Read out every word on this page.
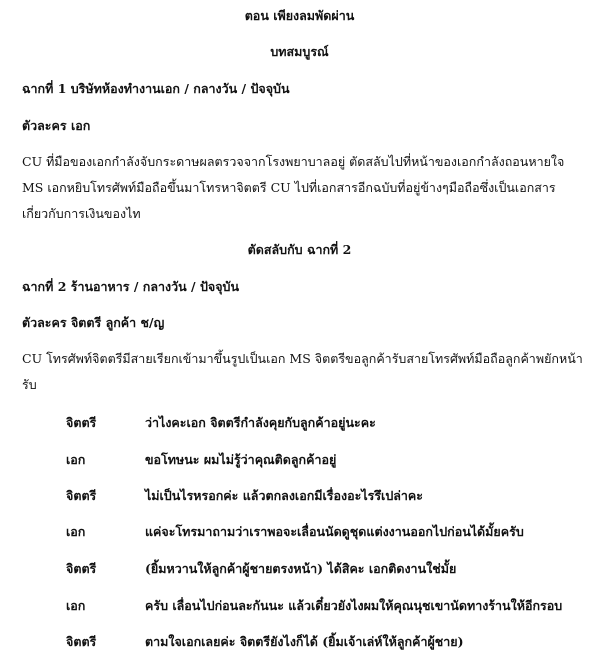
ตอน เพียงลมพัดผ่าน
บทสมบูรณ์
ฉากที่ 1 บริษัทห้องทำงานเอก / กลางวัน / ปัจจุบัน
ตัวละคร เอก
CU ที่มือของเอกกำลังจับกระดาษผลตรวจจากโรงพยาบาลอยู่ ตัดสลับไปที่หน้าของเอกกำลังถอนหายใจ
MS เอกหยิบโทรศัพท์มือถือขึ้นมาโทรหาจิตตรี CU ไปที่เอกสารอีกฉบับที่อยู่ข้างๆมือถือซึ่งเป็นเอกสาร
เกี่ยวกับการเงินของไท
ตัดสลับกับ ฉากที่ 2
ฉากที่ 2 ร้านอาหาร / กลางวัน / ปัจจุบัน
ตัวละคร จิตตรี ลูกค้า ช/ญ
CU โทรศัพท์จิตตรีมีสายเรียกเข้ามาขึ้นรูปเป็นเอก MS จิตตรีขอลูกค้ารับสายโทรศัพท์มือถือลูกค้าพยักหน้า
รับ
จิตตรี	ว่าไงคะเอก จิตตรีกำลังคุยกับลูกค้าอยู่นะคะ
เอก	ขอโทษนะ ผมไม่รู้ว่าคุณติดลูกค้าอยู่
จิตตรี	ไม่เป็นไรหรอกค่ะ แล้วตกลงเอกมีเรื่องอะไรรึเปล่าคะ
เอก	แค่จะโทรมาถามว่าเราพอจะเลื่อนนัดดูชุดแต่งงานออกไปก่อนได้มั้ยครับ
จิตตรี	(ยิ้มหวานให้ลูกค้าผู้ชายตรงหน้า) ได้สิคะ เอกติดงานใช่มั้ย
เอก	ครับ เลื่อนไปก่อนละกันนะ แล้วเดี๋ยวยังไงผมให้คุณนุชเขานัดทางร้านให้อีกรอบ
จิตตรี	ตามใจเอกเลยค่ะ จิตตรียังไงก็ได้ (ยิ้มเจ้าเล่ห์ให้ลูกค้าผู้ชาย)
